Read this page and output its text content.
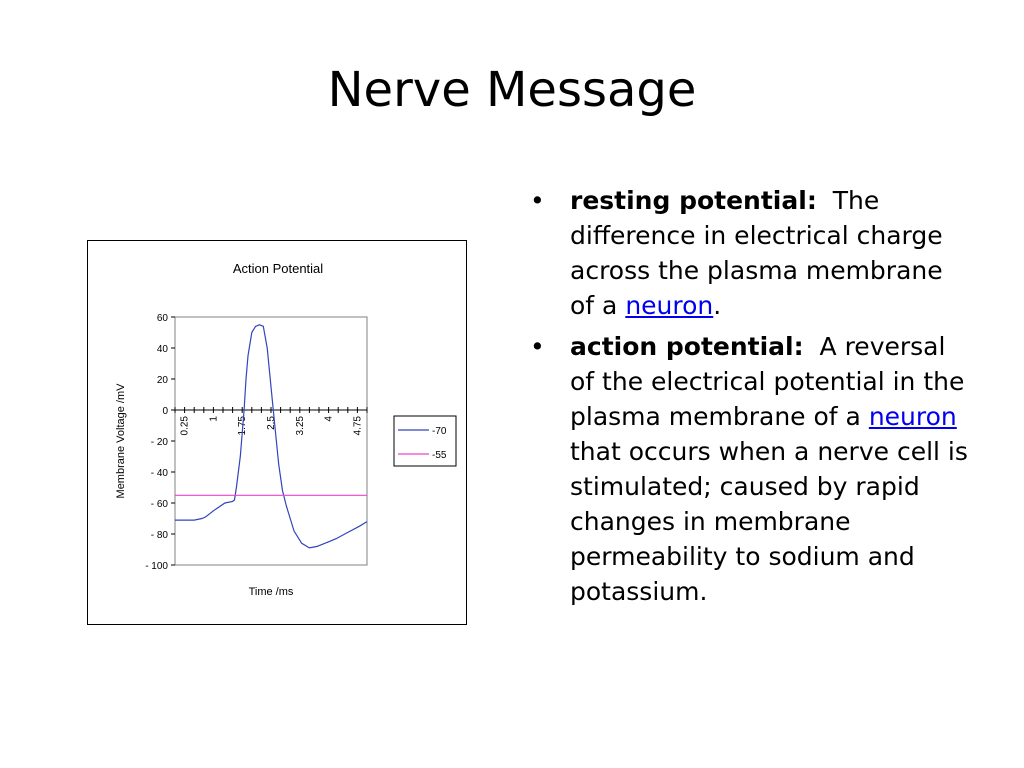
Nerve Message
Action Potential
60
40
20
0
- 20
- 40
- 60
- 80
- 100
0.25 1 1.75 2.5 3.25 4 4.75
Time /ms
Membrane Voltage /mV	-70
-55
• resting potential: The difference in electrical charge across the plasma membrane of a neuron.
• action potential: A reversal of the electrical potential in the plasma membrane of a neuron that occurs when a nerve cell is stimulated; caused by rapid changes in membrane permeability to sodium and potassium.
